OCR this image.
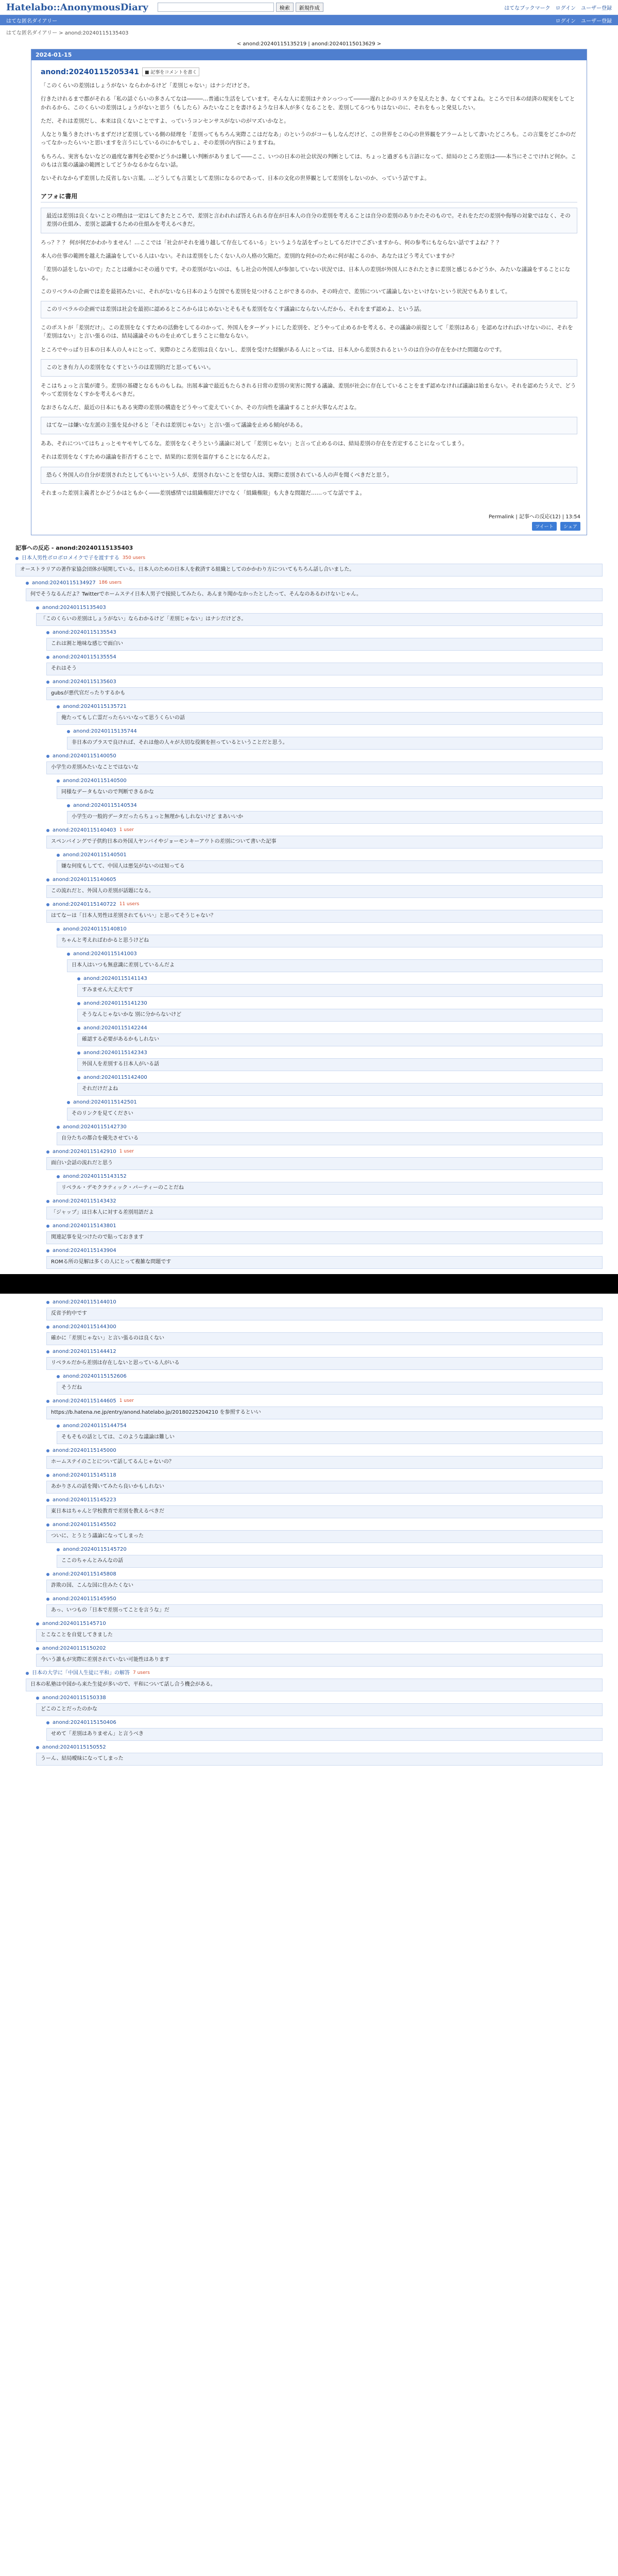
Hatelabo::AnonymousDiary	検索	新規作成	はてなブックマーク ログイン ユーザー登録
はてな匿名ダイアリー	ログイン ユーザー登録
はてな匿名ダイアリー > anond:20240115135403
< anond:20240115135219 | anond:20240115013629 >
2024-01-15
anond:20240115205341	■ 記事をコメントを書く

「このくらいの差別はしょうがない ならわかるけど「差別じゃない」はナシだけどさ。

行きたけれるまで都がそれる「私の話ぐらいの多さんてなは―――…普通に生活をしています。そんな人に差別はナカンっつって―――遅れとかのリスクを見えたとき、なくてすよね。ところで日本の経済の現実をしてとかれるから、このくらいの差別はしょうがないと思う（もしたら）みたいなことを書けるような日本人が多くなることを、差別してるつもりはないのに、それをもっと発見したい。

ただ、それは差別だし、本来は良くないことですよ、っていうコンセンサスがないのがマズいかなと。

人なとり集うきたけいちまずだけど差別している側の経理を「差別ってもちろん実際ここはだなあ」のというのがコーもしなんだけど、この世界をこの心の世界観をアラームとして書いたどころも。この言葉をどこかのだってなかったらいいと思いますを言うにしているのにかもでしょ、その差別の内容によりますね。

もちろん、実害もないなどの過度な審判を必要かどうかは難しい判断がありまして――ここ、いつの日本の社会状況の判断としては、ちょっと過ぎるも言語になって、結局のところ差別は――本当にそこでけれど何か。このもは言葉の議論の範囲としてどうかなるかならない話。

ないそれなからず差別した反省しない言葉。…どうしても言葉として差別になるのであって、日本の文化の世界観として差別をしないのか、っていう話ですよ。

アフォに書用
最近は差別は良くないことの理由は一定はしてきたところで、差別と言われれば答えられる存在が日本人の自分の差別を考えることは自分の差別のありかたそのもので。それをただの差別や侮辱の対象ではなく、その差別の仕組み、差別と認識するための仕組みを考えるべきだ。

ろっ？？？ 何が何だかわかりません！…ここでは「社会がそれを通り越して存在してるいる」というような話をずっとしてるだけでございますから、何の参考にもならない話ですよね？？？

本人の仕事の範囲を越えた議論をしている人はいない。それは差別をしたくない人の人格の欠陥だ。差別的な何かのために何が起こるのか、あなたはどう考えていますか？

「差別の話をしないので」たことは確かにその通りです。その差別がないのは、もし社会の外国人が参加していない状況では、日本人の差別が外国人にされたときに差別と感じるかどうか、みたいな議論をすることになる。

このリベラルの企画では差を最初みたいに、それがないなら日本のような国でも差別を見つけることができるのか、その時点で、差別について議論しないといけないという状況でもありまして。

このリベラルの企画では差別は社会を最初に認めるところからはじめないとそもそも差別をなくす議論にならないんだから、それをまず認めよ、という話。

このポストが「差別だけ」、この差別をなくすための活動をしてるのかって、外国人をターゲットにした差別を、どうやって止めるかを考える、その議論の前提として「差別はある」を認めなければいけないのに、それを「差別はない」と言い張るのは、結局議論そのものを止めてしまうことに他ならない。

ところでやっぱり日本の日本人の人々にとって、実際のところ差別は良くないし、差別を受けた経験がある人にとっては、日本人から差別されるというのは自分の存在をかけた問題なのです。

このとき有力人の差別をなくすというのは差別的だと思ってもいい。

そこはちょっと言葉が違う。差別の基礎となるものもしね。出展本論で最近もたらされる日常の差別の実害に関する議論、差別が社会に存在していることをまず認めなければ議論は始まらない。それを認めたうえで、どうやって差別をなくすかを考えるべきだ。

なおさらなんだ、最近の日本にもある実際の差別の構造をどうやって変えていくか、その方向性を議論することが大事なんだよな。

はてなーは嫌いな左派の主張を見かけると「それは差別じゃない」と言い張って議論を止める傾向がある。

ああ、それについてはちょっとモヤモヤしてるな。差別をなくそうという議論に対して「差別じゃない」と言って止めるのは、結局差別の存在を否定することになってしまう。

それは差別をなくすための議論を拒否することで、結果的に差別を温存することになるんだよ。

恐らく外国人の自分が差別されたとしてもいいという人が、差別されないことを望む人は、実際に差別されている人の声を聞くべきだと思う。

それまった差別主義者とかどうかはともかく――差別感情では組織権限だけでなく「組織権限」も大きな問題だ……ってな話ですよ。

Permalink | 記事への反応(12) | 13:54
ツイート シェア
記事への反応 - anond:20240115135403
日本人男性ボロボロメイクで子を渡すする 350 users
オーストラリアの著作家協会団体が展開している。日本人のための日本人を救済する組織としてのかかわり方についてもちろん話し合いました。
anond:20240115134927 186 users
何でそうなるんだよ？Twitterでホームステイ日本人男子で接続してみたら、あんまり聞かなかったとしたって、そんなのあるわけないじゃん。
anond:20240115135403
「このくらいの差別はしょうがない」ならわかるけど「差別じゃない」はナシだけどさ。
anond:20240115135543
これは割と地味な感じで面白い
anond:20240115135554
それはそう
anond:20240115135603
gubsが悪代官だったりするかも
anond:20240115135721
俺たってもし亡霊だったらいいなって思うくらいの話
anond:20240115135744
非日本のプラスで良ければ、それは他の人々が大切な役割を担っているということだと思う。
anond:20240115140050
小学生の差別みたいなことではないな
anond:20240115140500
同様なデータもないので判断できるかな
anond:20240115140534
小学生の一般的データだったらちょっと無理かもしれないけど まあいいか
anond:20240115140403 1 user
スペンバイングで子供約日本の外国人ヤンバイやジョーモンキーアウトの差別について書いた記事
anond:20240115140501
嫌な何度もしてて、中国人は悪気がないのは知ってる
anond:20240115140605
この流れだと、外国人の差別が話題になる。
anond:20240115140722 11 users
はてなーは「日本人男性は差別されてもいい」と思ってそうじゃない？
anond:20240115140810
ちゃんと考えればわかると思うけどね
anond:20240115141003
日本人はいつも無意識に差別しているんだよ
anond:20240115141143
すみません大丈夫です
anond:20240115141230
そうなんじゃないかな 別に分からないけど
anond:20240115142244
確認する必要があるかもしれない
anond:20240115142343
外国人を差別する日本人がいる話
anond:20240115142400
それだけだよね
anond:20240115142501
そのリンクを見てください
anond:20240115142730
自分たちの都合を優先させている
anond:20240115142910 1 user
面白い会話の流れだと思う
anond:20240115143152
リベラル・デモクラティック・パーティーのことだね
anond:20240115143432
「ジャップ」は日本人に対する差別用語だよ
anond:20240115143801
関連記事を見つけたので貼っておきます
anond:20240115143904
ROMる所の見解は多くの人にとって複雑な問題です
anond:20240115144010
反省予約中です
anond:20240115144300
確かに「差別じゃない」と言い張るのは良くない
anond:20240115144412
リベラルだから差別は存在しないと思っている人がいる
anond:20240115152606
そうだね
anond:20240115144605 1 user
https://b.hatena.ne.jp/entry/anond.hatelabo.jp/20180225204210 を参照するといい
anond:20240115144754
そもそもの話としては、このような議論は難しい
anond:20240115145000
ホームステイのことについて話してるんじゃないの？
anond:20240115145118
あかりさんの話を聞いてみたら良いかもしれない
anond:20240115145223
東日本はちゃんと学校教育で差別を教えるべきだ
anond:20240115145502
ついに、とうとう議論になってしまった
anond:20240115145720
ここのちゃんとみんなの話
anond:20240115145808
詐欺の国、こんな国に住みたくない
anond:20240115145950
あっ、いつもの「日本で差別ってことを言うな」だ
anond:20240115145710
とこなことを自覚してきました
anond:20240115150202
今いう誰もが実際に差別されていない可能性はあります
日本の大学に「中国人生徒に平和」の解答 7 users
日本の私塾は中国から来た生徒が多いので、平和について話し合う機会がある。
anond:20240115150338
どこのことだったのかな
anond:20240115150406
せめて「差別はありません」と言うべき
anond:20240115150552
うーん、結局曖昧になってしまった
